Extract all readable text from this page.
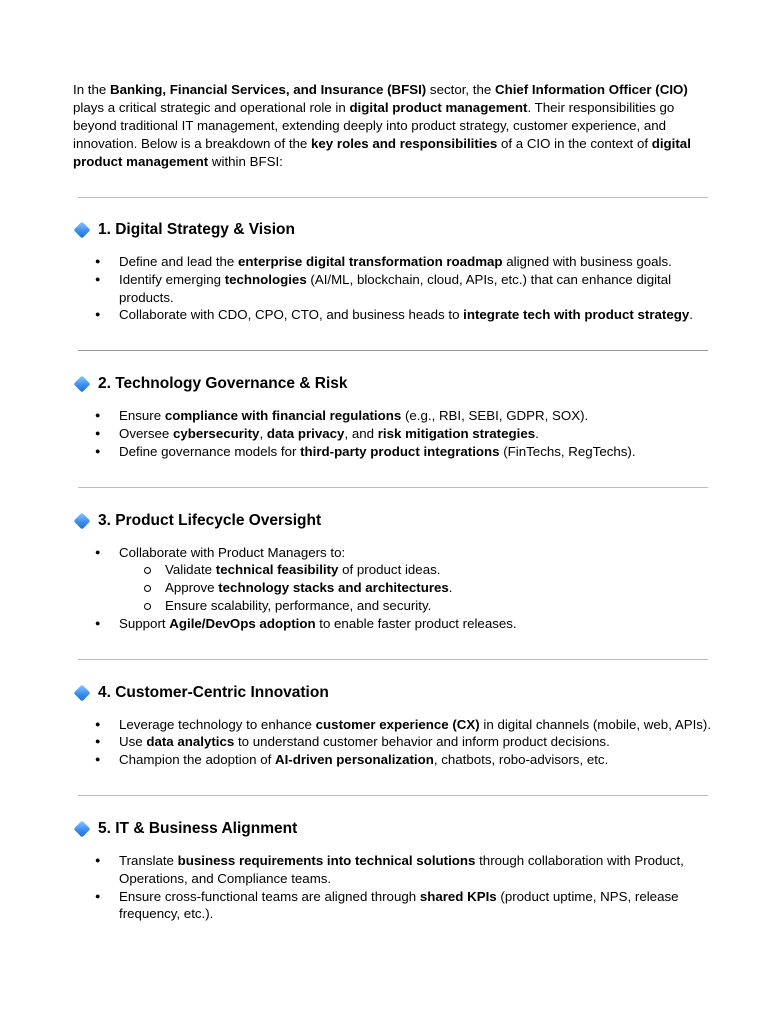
In the Banking, Financial Services, and Insurance (BFSI) sector, the Chief Information Officer (CIO) plays a critical strategic and operational role in digital product management. Their responsibilities go beyond traditional IT management, extending deeply into product strategy, customer experience, and innovation. Below is a breakdown of the key roles and responsibilities of a CIO in the context of digital product management within BFSI:

1. Digital Strategy & Vision
● Define and lead the enterprise digital transformation roadmap aligned with business goals.
● Identify emerging technologies (AI/ML, blockchain, cloud, APIs, etc.) that can enhance digital products.
● Collaborate with CDO, CPO, CTO, and business heads to integrate tech with product strategy.
2. Technology Governance & Risk
● Ensure compliance with financial regulations (e.g., RBI, SEBI, GDPR, SOX).
● Oversee cybersecurity, data privacy, and risk mitigation strategies.
● Define governance models for third-party product integrations (FinTechs, RegTechs).
3. Product Lifecycle Oversight
● Collaborate with Product Managers to:
Validate technical feasibility of product ideas.
Approve technology stacks and architectures.
Ensure scalability, performance, and security.
● Support Agile/DevOps adoption to enable faster product releases.
4. Customer-Centric Innovation
● Leverage technology to enhance customer experience (CX) in digital channels (mobile, web, APIs).
● Use data analytics to understand customer behavior and inform product decisions.
● Champion the adoption of AI-driven personalization, chatbots, robo-advisors, etc.
5. IT & Business Alignment
● Translate business requirements into technical solutions through collaboration with Product, Operations, and Compliance teams.
● Ensure cross-functional teams are aligned through shared KPIs (product uptime, NPS, release frequency, etc.).
